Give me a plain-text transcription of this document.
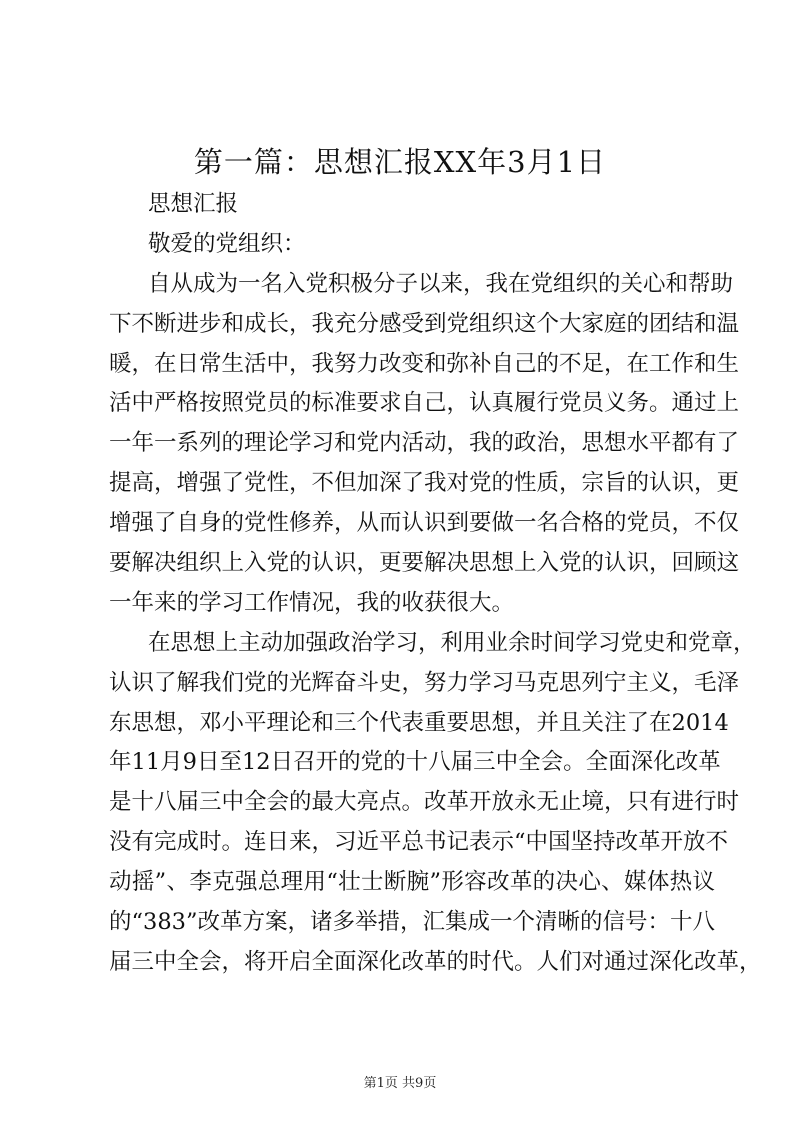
第一篇：思想汇报XX年3月1日
思想汇报
敬爱的党组织：
自从成为一名入党积极分子以来，我在党组织的关心和帮助
下不断进步和成长，我充分感受到党组织这个大家庭的团结和温
暖，在日常生活中，我努力改变和弥补自己的不足，在工作和生
活中严格按照党员的标准要求自己，认真履行党员义务。通过上
一年一系列的理论学习和党内活动，我的政治，思想水平都有了
提高，增强了党性，不但加深了我对党的性质，宗旨的认识，更
增强了自身的党性修养，从而认识到要做一名合格的党员，不仅
要解决组织上入党的认识，更要解决思想上入党的认识，回顾这
一年来的学习工作情况，我的收获很大。
在思想上主动加强政治学习，利用业余时间学习党史和党章，
认识了解我们党的光辉奋斗史，努力学习马克思列宁主义，毛泽
东思想，邓小平理论和三个代表重要思想，并且关注了在2014
年11月9日至12日召开的党的十八届三中全会。全面深化改革
是十八届三中全会的最大亮点。改革开放永无止境，只有进行时
没有完成时。连日来，习近平总书记表示“中国坚持改革开放不
动摇”、李克强总理用“壮士断腕”形容改革的决心、媒体热议
的“383”改革方案，诸多举措，汇集成一个清晰的信号：十八
届三中全会，将开启全面深化改革的时代。人们对通过深化改革，
第1页 共9页
